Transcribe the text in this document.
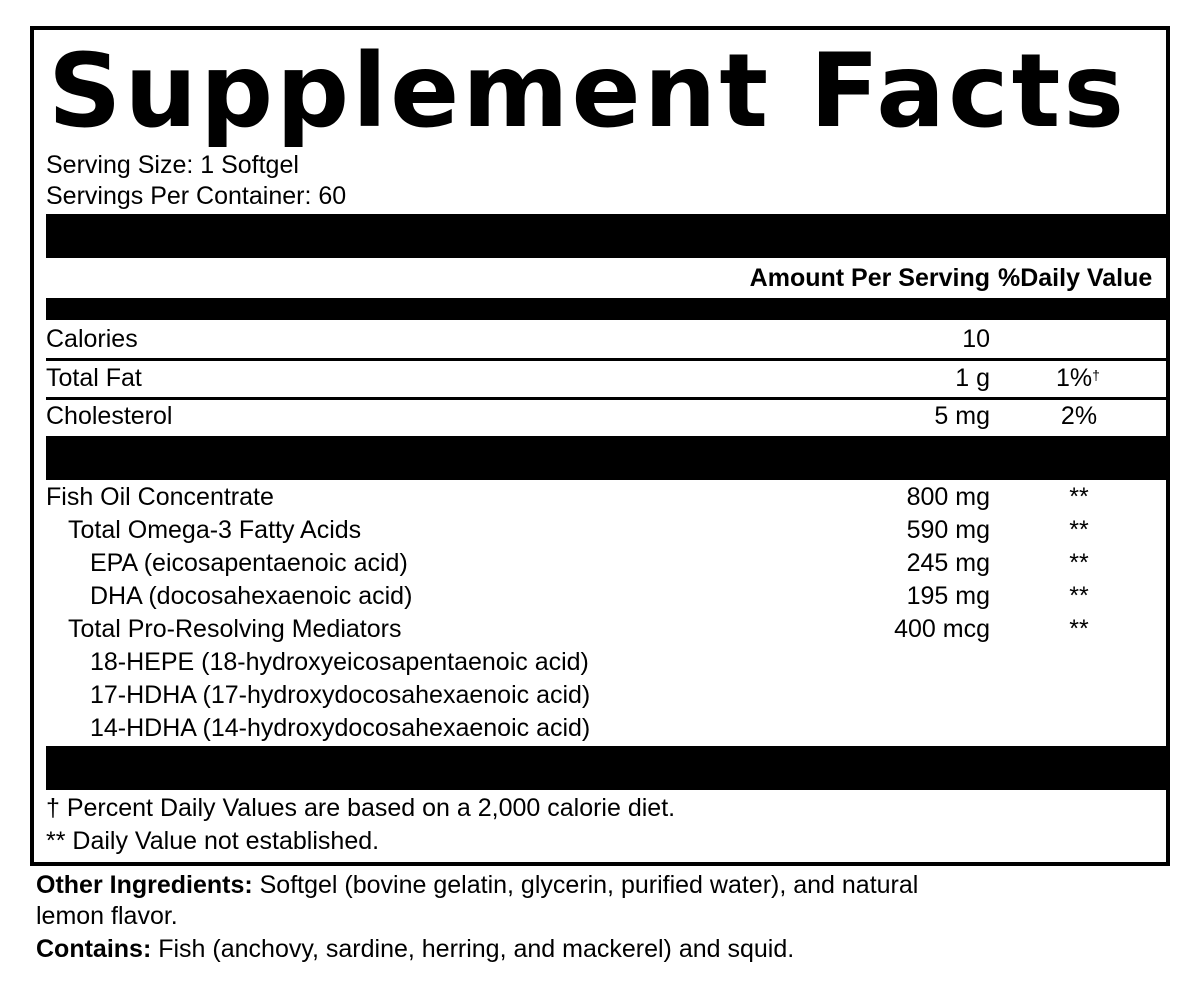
Supplement Facts
Serving Size: 1 Softgel
Servings Per Container: 60
Amount Per Serving %Daily Value
Calories	10
Total Fat	1 g	1%†
Cholesterol	5 mg	2%
Fish Oil Concentrate	800 mg	**
Total Omega-3 Fatty Acids	590 mg	**
EPA (eicosapentaenoic acid)	245 mg	**
DHA (docosahexaenoic acid)	195 mg	**
Total Pro-Resolving Mediators	400 mcg	**
18-HEPE (18-hydroxyeicosapentaenoic acid)
17-HDHA (17-hydroxydocosahexaenoic acid)
14-HDHA (14-hydroxydocosahexaenoic acid)
† Percent Daily Values are based on a 2,000 calorie diet.
** Daily Value not established.
Other Ingredients: Softgel (bovine gelatin, glycerin, purified water), and natural
lemon flavor.
Contains: Fish (anchovy, sardine, herring, and mackerel) and squid.
